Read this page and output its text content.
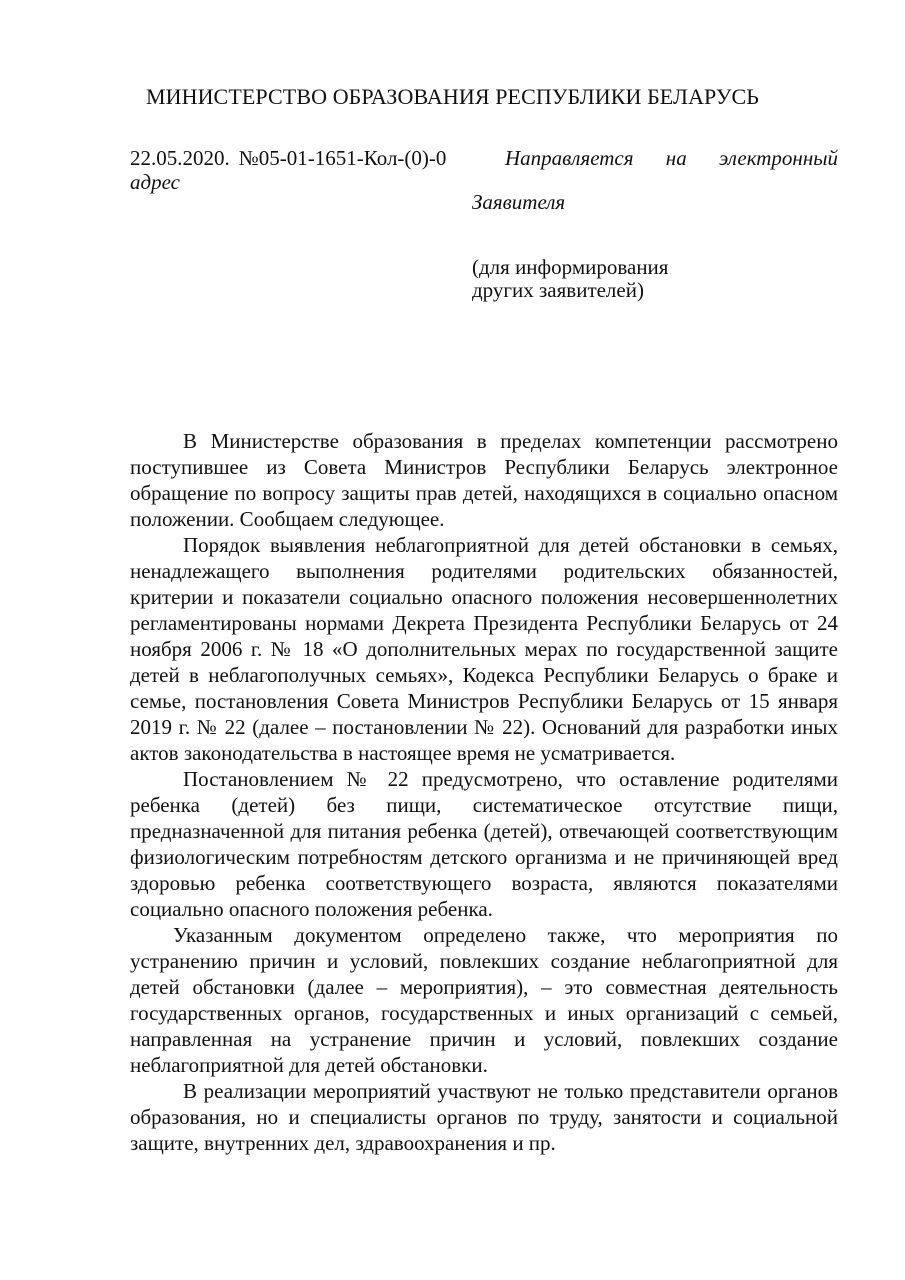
МИНИСТЕРСТВО ОБРАЗОВАНИЯ РЕСПУБЛИКИ БЕЛАРУСЬ
22.05.2020. №05-01-1651-Кол-(0)-0	Направляется на электронный
адрес
Заявителя
(для информирования
других заявителей)

В Министерстве образования в пределах компетенции рассмотрено поступившее из Совета Министров Республики Беларусь электронное обращение по вопросу защиты прав детей, находящихся в социально опасном положении. Сообщаем следующее.

Порядок выявления неблагоприятной для детей обстановки в семьях, ненадлежащего выполнения родителями родительских обязанностей, критерии и показатели социально опасного положения несовершеннолетних регламентированы нормами Декрета Президента Республики Беларусь от 24 ноября 2006 г. № 18 «О дополнительных мерах по государственной защите детей в неблагополучных семьях», Кодекса Республики Беларусь о браке и семье, постановления Совета Министров Республики Беларусь от 15 января 2019 г. № 22 (далее – постановлении № 22). Оснований для разработки иных актов законодательства в настоящее время не усматривается.

Постановлением № 22 предусмотрено, что оставление родителями ребенка (детей) без пищи, систематическое отсутствие пищи, предназначенной для питания ребенка (детей), отвечающей соответствующим физиологическим потребностям детского организма и не причиняющей вред здоровью ребенка соответствующего возраста, являются показателями социально опасного положения ребенка.

Указанным документом определено также, что мероприятия по устранению причин и условий, повлекших создание неблагоприятной для детей обстановки (далее – мероприятия), – это совместная деятельность государственных органов, государственных и иных организаций с семьей, направленная на устранение причин и условий, повлекших создание неблагоприятной для детей обстановки.

В реализации мероприятий участвуют не только представители органов образования, но и специалисты органов по труду, занятости и социальной защите, внутренних дел, здравоохранения и пр.
